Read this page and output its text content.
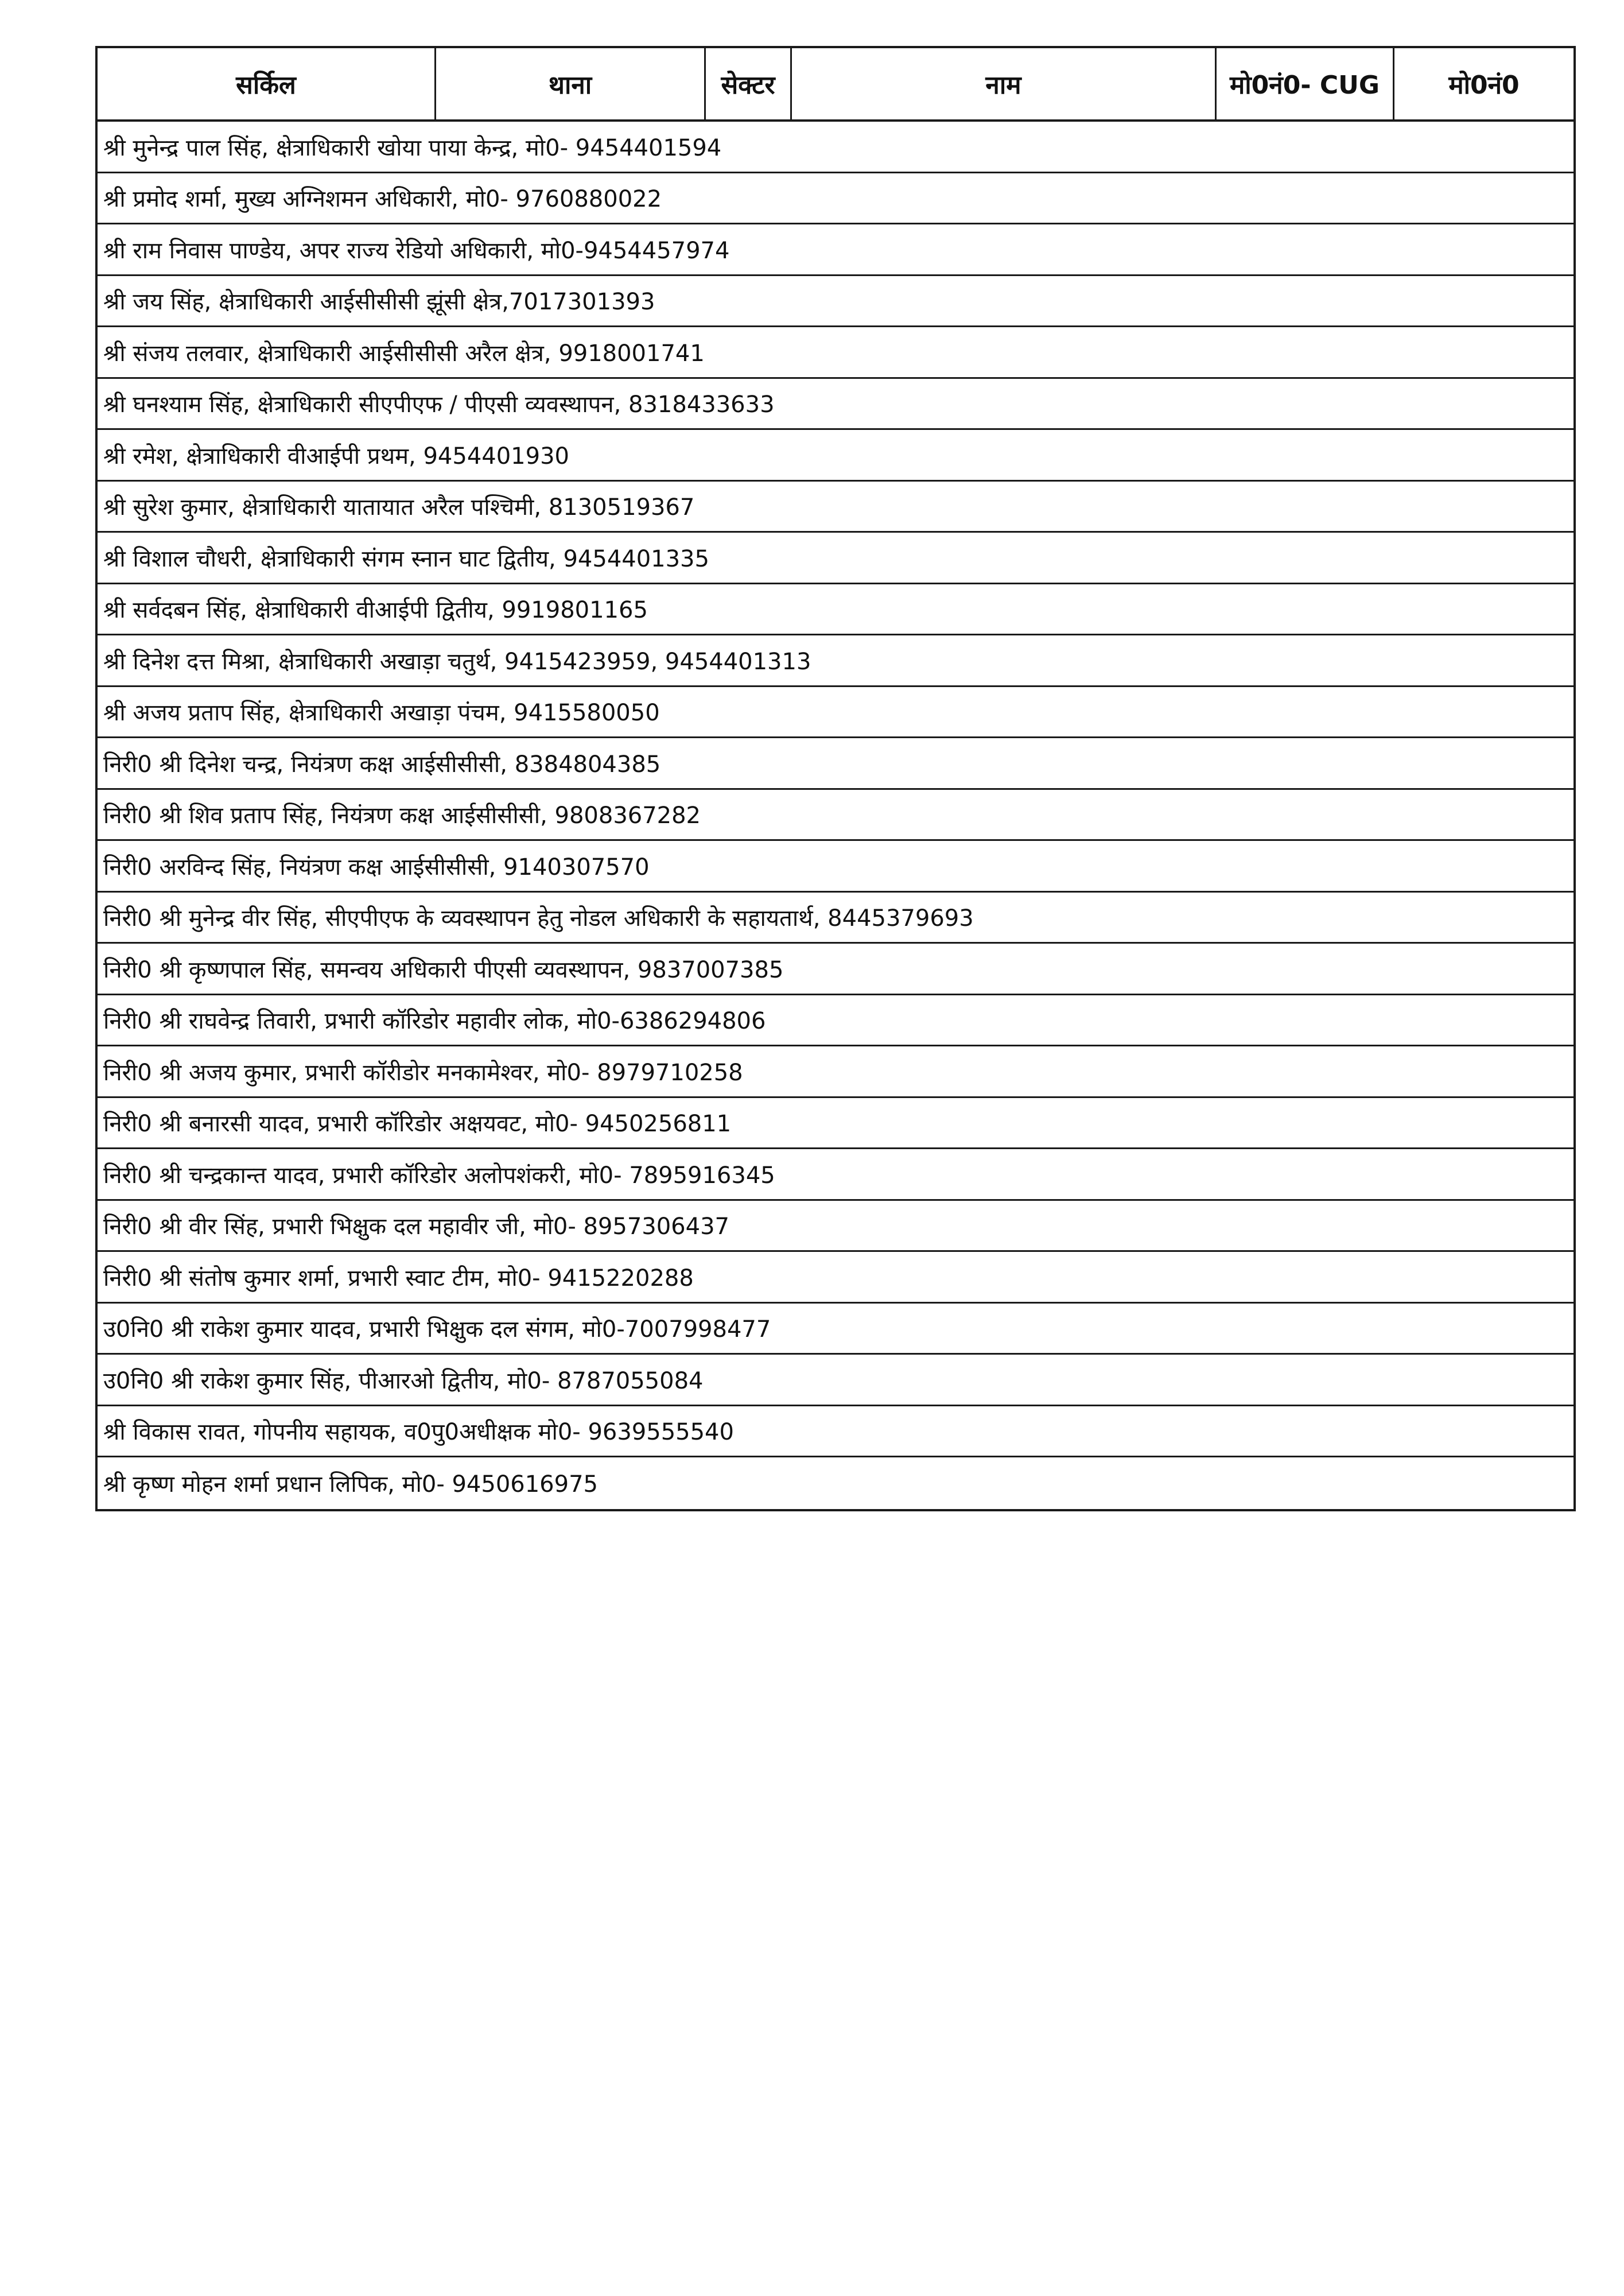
सर्किल	थाना	सेक्टर	नाम	मो0नं0- CUG	मो0नं0
श्री मुनेन्द्र पाल सिंह, क्षेत्राधिकारी खोया पाया केन्द्र, मो0- 9454401594
श्री प्रमोद शर्मा, मुख्य अग्निशमन अधिकारी, मो0- 9760880022
श्री राम निवास पाण्डेय, अपर राज्य रेडियो अधिकारी, मो0-9454457974
श्री जय सिंह, क्षेत्राधिकारी आईसीसीसी झूंसी क्षेत्र,7017301393
श्री संजय तलवार, क्षेत्राधिकारी आईसीसीसी अरैल क्षेत्र, 9918001741
श्री घनश्याम सिंह, क्षेत्राधिकारी सीएपीएफ / पीएसी व्यवस्थापन, 8318433633
श्री रमेश, क्षेत्राधिकारी वीआईपी प्रथम, 9454401930
श्री सुरेश कुमार, क्षेत्राधिकारी यातायात अरैल पश्चिमी, 8130519367
श्री विशाल चौधरी, क्षेत्राधिकारी संगम स्नान घाट द्वितीय, 9454401335
श्री सर्वदबन सिंह, क्षेत्राधिकारी वीआईपी द्वितीय, 9919801165
श्री दिनेश दत्त मिश्रा, क्षेत्राधिकारी अखाड़ा चतुर्थ, 9415423959, 9454401313
श्री अजय प्रताप सिंह, क्षेत्राधिकारी अखाड़ा पंचम, 9415580050
निरी0 श्री दिनेश चन्द्र, नियंत्रण कक्ष आईसीसीसी, 8384804385
निरी0 श्री शिव प्रताप सिंह, नियंत्रण कक्ष आईसीसीसी, 9808367282
निरी0 अरविन्द सिंह, नियंत्रण कक्ष आईसीसीसी, 9140307570
निरी0 श्री मुनेन्द्र वीर सिंह, सीएपीएफ के व्यवस्थापन हेतु नोडल अधिकारी के सहायतार्थ, 8445379693
निरी0 श्री कृष्णपाल सिंह, समन्वय अधिकारी पीएसी व्यवस्थापन, 9837007385
निरी0 श्री राघवेन्द्र तिवारी, प्रभारी कॉरिडोर महावीर लोक, मो0-6386294806
निरी0 श्री अजय कुमार, प्रभारी कॉरीडोर मनकामेश्वर, मो0- 8979710258
निरी0 श्री बनारसी यादव, प्रभारी कॉरिडोर अक्षयवट, मो0- 9450256811
निरी0 श्री चन्द्रकान्त यादव, प्रभारी कॉरिडोर अलोपशंकरी, मो0- 7895916345
निरी0 श्री वीर सिंह, प्रभारी भिक्षुक दल महावीर जी, मो0- 8957306437
निरी0 श्री संतोष कुमार शर्मा, प्रभारी स्वाट टीम, मो0- 9415220288
उ0नि0 श्री राकेश कुमार यादव, प्रभारी भिक्षुक दल संगम, मो0-7007998477
उ0नि0 श्री राकेश कुमार सिंह, पीआरओ द्वितीय, मो0- 8787055084
श्री विकास रावत, गोपनीय सहायक, व0पु0अधीक्षक मो0- 9639555540
श्री कृष्ण मोहन शर्मा प्रधान लिपिक, मो0- 9450616975
